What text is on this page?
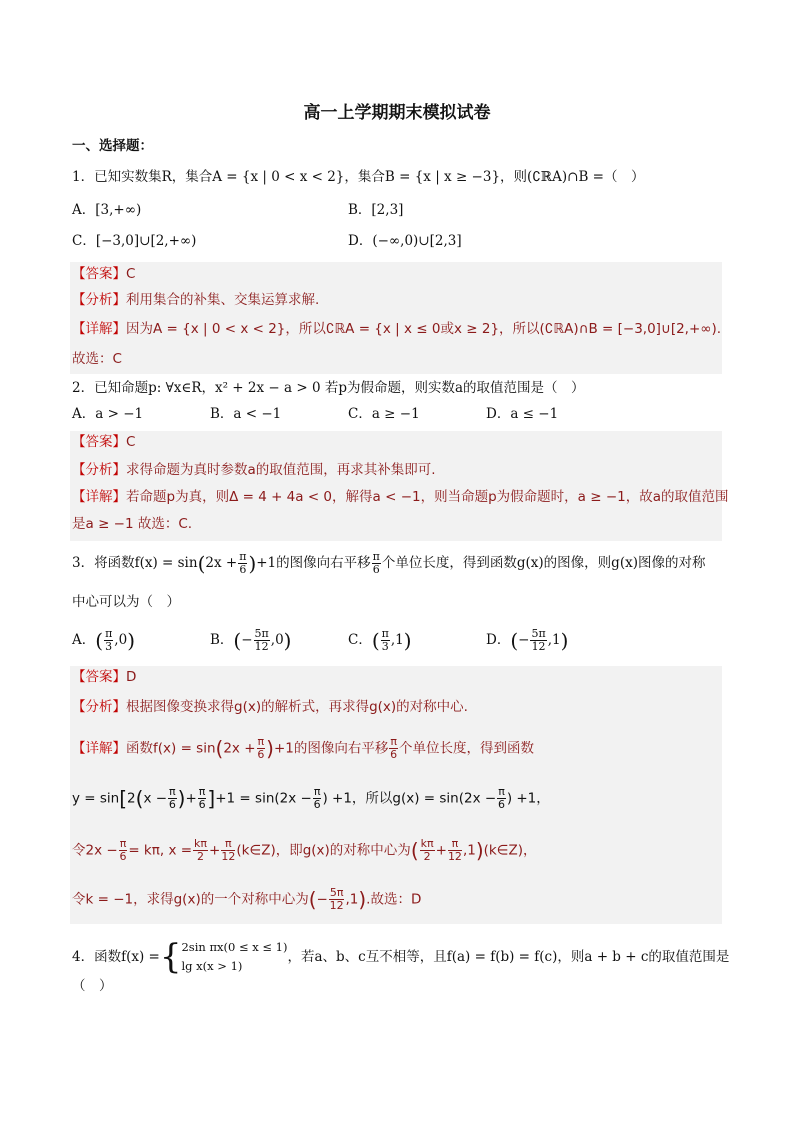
高一上学期期末模拟试卷
一、选择题：
1．已知实数集R，集合A = {x | 0 < x < 2}，集合B = {x | x ≥ −3}，则(∁ℝA)∩B =（　）
A．[3,+∞)	B．[2,3]
C．[−3,0]∪[2,+∞)	D．(−∞,0)∪[2,3]
【答案】C
【分析】利用集合的补集、交集运算求解.
【详解】因为A = {x | 0 < x < 2}，所以∁ℝA = {x | x ≤ 0或x ≥ 2}，所以(∁ℝA)∩B = [−3,0]∪[2,+∞).
故选：C
2．已知命题p: ∀x∈R，x² + 2x − a > 0 若p为假命题，则实数a的取值范围是（　）
A．a > −1	B．a < −1	C．a ≥ −1	D．a ≤ −1
【答案】C
【分析】求得命题为真时参数a的取值范围，再求其补集即可.
【详解】若命题p为真，则Δ = 4 + 4a < 0，解得a < −1，则当命题p为假命题时，a ≥ −1，故a的取值范围
是a ≥ −1 故选：C.
3．将函数$f(x) = \sin(2x + \frac{\pi}{6} )+1$的图像向右平移 $\frac{\pi}{6}$ 个单位长度，得到函数g(x)的图像，则g(x)图像的对称
中心可以为（　）
A．( $\frac{\pi}{3} ,0$)	B．(− $\frac{5\pi}{12} ,0$)	C．( $\frac{\pi}{3} ,1$)	D．(− $\frac{5\pi}{12} ,1$)
【答案】D
【分析】根据图像变换求得g(x)的解析式，再求得g(x)的对称中心.
【详解】函数$f(x) = \sin(2x + \frac{\pi}{6} )+1$的图像向右平移 $\frac{\pi}{6}$ 个单位长度，得到函数
$y = \sin[2(x - \frac{\pi}{6}$ )+ $\frac{\pi}{6} ]+1 = \sin(2x - \frac{\pi}{6}$ ) +1，所以$g(x) = \sin(2x - \frac{\pi}{6}$ ) +1，
令$2x - \frac{\pi}{6} = k\pi$, $x = \frac{k\pi}{2} + \frac{\pi}{12}$ (k∈Z)，即g(x)的对称中心为( $\frac{k\pi}{2} + \frac{\pi}{12}$ ,1)(k∈Z)，
令k = −1，求得g(x)的一个对称中心为(− $\frac{5\pi}{12} ,1$).故选：D
4．函数f(x) ={ 2sin πx(0 ≤ x ≤ 1)
lg x(x > 1)
，若a、b、c互不相等，且f(a) = f(b) = f(c)，则a + b + c的取值范围是
（　）
